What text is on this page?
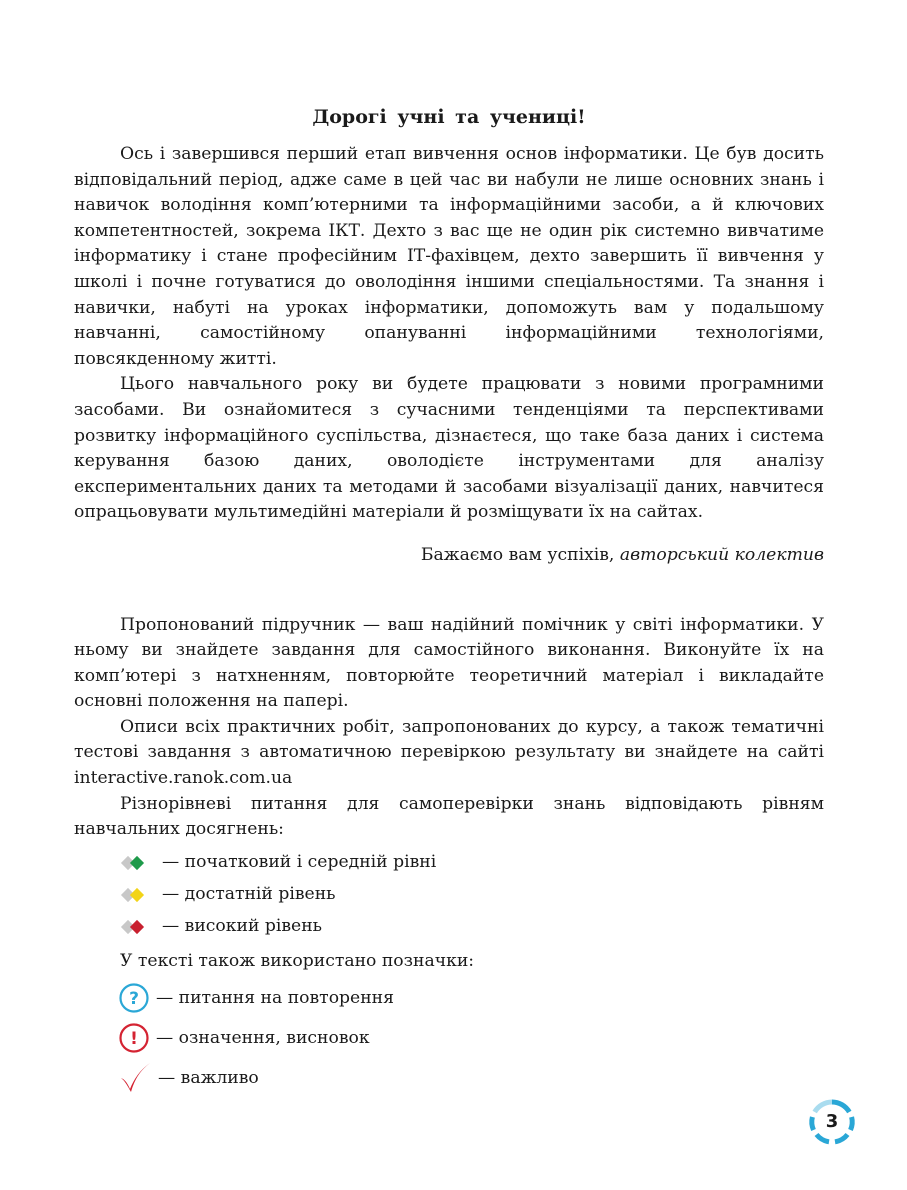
Дорогі учні та учениці!

Ось і завершився перший етап вивчення основ інформатики. Це був досить відповідальний період, адже саме в цей час ви набули не лише основних знань і навичок володіння комп’ютерними та інформаційними засоби, а й ключових компетентностей, зокрема ІКТ. Дехто з вас ще не один рік системно вивчатиме інформатику і стане професійним ІТ-фахівцем, дехто завершить її вивчення у школі і почне готуватися до оволодіння іншими спеціальностями. Та знання і навички, набуті на уроках інформатики, допоможуть вам у подальшому навчанні, самостійному опануванні інформаційними технологіями, повсякденному житті.

Цього навчального року ви будете працювати з новими програмними засобами. Ви ознайомитеся з сучасними тенденціями та перспективами розвитку інформаційного суспільства, дізнаєтеся, що таке база даних і система керування базою даних, оволодієте інструментами для аналізу експериментальних даних та методами й засобами візуалізації даних, навчитеся опрацьовувати мультимедійні матеріали й розміщувати їх на сайтах.

Бажаємо вам успіхів, авторський колектив

Пропонований підручник — ваш надійний помічник у світі інформатики. У ньому ви знайдете завдання для самостійного виконання. Виконуйте їх на комп’ютері з натхненням, повторюйте теоретичний матеріал і викладайте основні положення на папері.

Описи всіх практичних робіт, запропонованих до курсу, а також тематичні тестові завдання з автоматичною перевіркою результату ви знайдете на сайті interactive.ranok.com.ua

Різнорівневі питання для самоперевірки знань відповідають рівням навчальних досягнень:

— початковий і середній рівні
— достатній рівень
— високий рівень
У тексті також використано позначки:
? — питання на повторення
! — означення, висновок
— важливо
3
